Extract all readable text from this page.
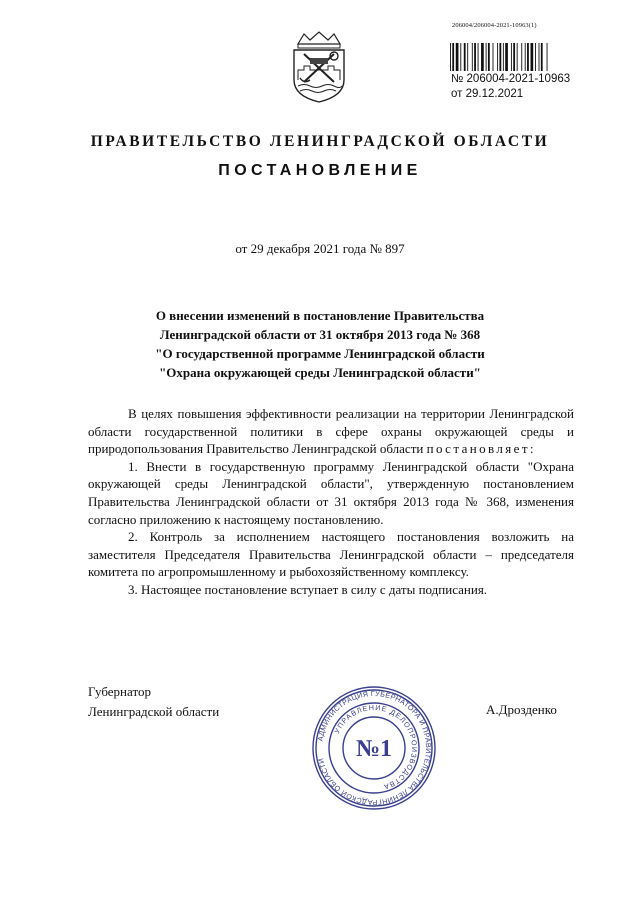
206004/206004-2021-10963(1)
№ 206004-2021-10963
от 29.12.2021
ПРАВИТЕЛЬСТВО ЛЕНИНГРАДСКОЙ ОБЛАСТИ
ПОСТАНОВЛЕНИЕ
от 29 декабря 2021 года № 897
О внесении изменений в постановление Правительства
Ленинградской области от 31 октября 2013 года № 368
"О государственной программе Ленинградской области
"Охрана окружающей среды Ленинградской области"

В целях повышения эффективности реализации на территории Ленинградской области государственной политики в сфере охраны окружающей среды и природопользования Правительство Ленинградской области постановляет:

1. Внести в государственную программу Ленинградской области "Охрана окружающей среды Ленинградской области", утвержденную постановлением Правительства Ленинградской области от 31 октября 2013 года № 368, изменения согласно приложению к настоящему постановлению.

2. Контроль за исполнением настоящего постановления возложить на заместителя Председателя Правительства Ленинградской области – председателя комитета по агропромышленному и рыбохозяйственному комплексу.

3. Настоящее постановление вступает в силу с даты подписания.

Губернатор
Ленинградской области	А.Дрозденко
АДМИНИСТРАЦИЯ ГУБЕРНАТОРА И ПРАВИТЕЛЬСТВА ЛЕНИНГРАДСКОЙ ОБЛАСТИ
УПРАВЛЕНИЕ ДЕЛОПРОИЗВОДСТВА
№1
